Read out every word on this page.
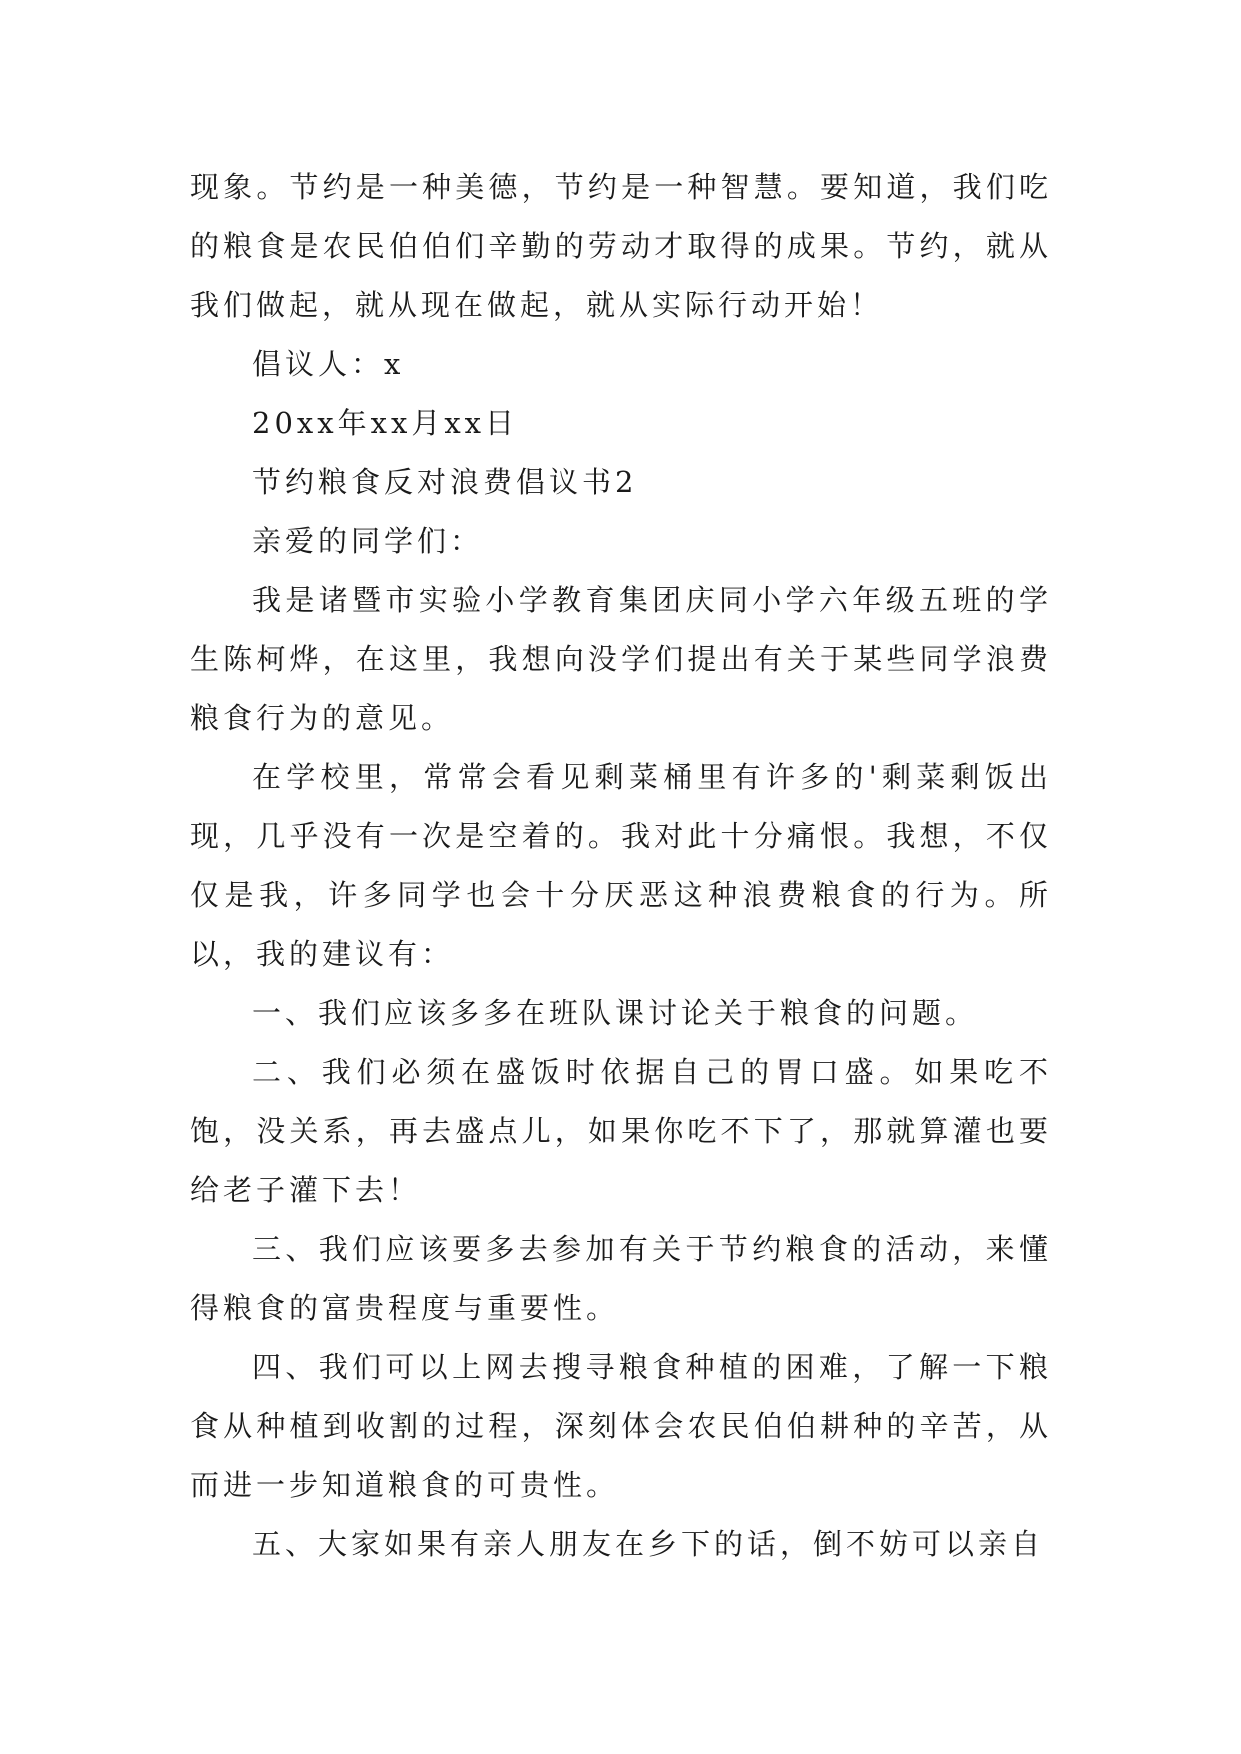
现象。节约是一种美德，节约是一种智慧。要知道，我们吃的粮食是农民伯伯们辛勤的劳动才取得的成果。节约，就从我们做起，就从现在做起，就从实际行动开始！

倡议人：x

20xx年xx月xx日

节约粮食反对浪费倡议书2

亲爱的同学们：

我是诸暨市实验小学教育集团庆同小学六年级五班的学生陈柯烨，在这里，我想向没学们提出有关于某些同学浪费粮食行为的意见。

在学校里，常常会看见剩菜桶里有许多的'剩菜剩饭出现，几乎没有一次是空着的。我对此十分痛恨。我想，不仅仅是我，许多同学也会十分厌恶这种浪费粮食的行为。所以，我的建议有：

一、我们应该多多在班队课讨论关于粮食的问题。

二、我们必须在盛饭时依据自己的胃口盛。如果吃不饱，没关系，再去盛点儿，如果你吃不下了，那就算灌也要给老子灌下去！

三、我们应该要多去参加有关于节约粮食的活动，来懂得粮食的富贵程度与重要性。

四、我们可以上网去搜寻粮食种植的困难，了解一下粮食从种植到收割的过程，深刻体会农民伯伯耕种的辛苦，从而进一步知道粮食的可贵性。

五、大家如果有亲人朋友在乡下的话，倒不妨可以亲自
